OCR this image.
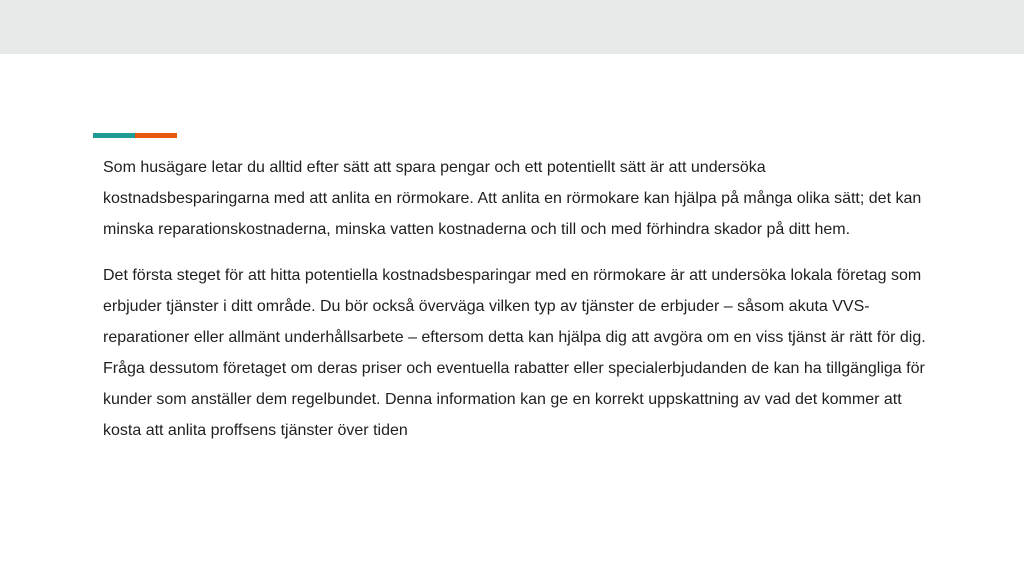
Som husägare letar du alltid efter sätt att spara pengar och ett potentiellt sätt är att undersöka kostnadsbesparingarna med att anlita en rörmokare. Att anlita en rörmokare kan hjälpa på många olika sätt; det kan minska reparationskostnaderna, minska vatten kostnaderna och till och med förhindra skador på ditt hem.

Det första steget för att hitta potentiella kostnadsbesparingar med en rörmokare är att undersöka lokala företag som erbjuder tjänster i ditt område. Du bör också överväga vilken typ av tjänster de erbjuder – såsom akuta VVS-reparationer eller allmänt underhållsarbete – eftersom detta kan hjälpa dig att avgöra om en viss tjänst är rätt för dig. Fråga dessutom företaget om deras priser och eventuella rabatter eller specialerbjudanden de kan ha tillgängliga för kunder som anställer dem regelbundet. Denna information kan ge en korrekt uppskattning av vad det kommer att kosta att anlita proffsens tjänster över tiden
